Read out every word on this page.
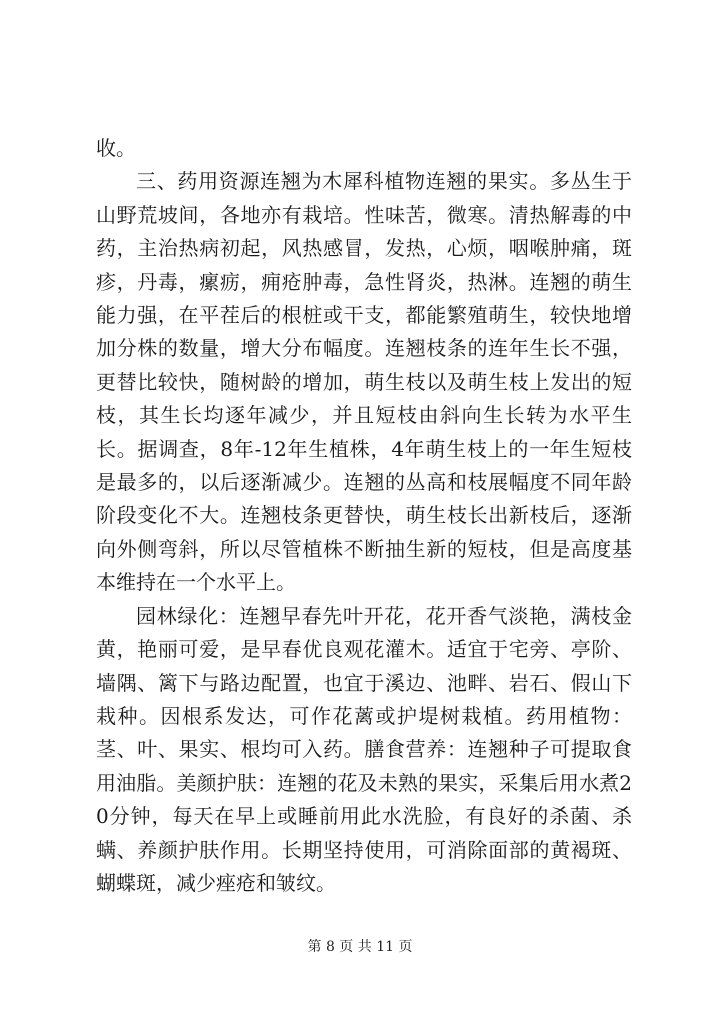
收。

三、药用资源连翘为木犀科植物连翘的果实。多丛生于山野荒坡间，各地亦有栽培。性味苦，微寒。清热解毒的中药，主治热病初起，风热感冒，发热，心烦，咽喉肿痛，斑疹，丹毒，瘰疬，痈疮肿毒，急性肾炎，热淋。连翘的萌生能力强，在平茬后的根桩或干支，都能繁殖萌生，较快地增加分株的数量，增大分布幅度。连翘枝条的连年生长不强，更替比较快，随树龄的增加，萌生枝以及萌生枝上发出的短枝，其生长均逐年减少，并且短枝由斜向生长转为水平生长。据调查，8年-12年生植株，4年萌生枝上的一年生短枝是最多的，以后逐渐减少。连翘的丛高和枝展幅度不同年龄阶段变化不大。连翘枝条更替快，萌生枝长出新枝后，逐渐向外侧弯斜，所以尽管植株不断抽生新的短枝，但是高度基本维持在一个水平上。

园林绿化：连翘早春先叶开花，花开香气淡艳，满枝金黄，艳丽可爱，是早春优良观花灌木。适宜于宅旁、亭阶、墙隅、篱下与路边配置，也宜于溪边、池畔、岩石、假山下栽种。因根系发达，可作花蓠或护堤树栽植。药用植物：茎、叶、果实、根均可入药。膳食营养：连翘种子可提取食用油脂。美颜护肤：连翘的花及未熟的果实，采集后用水煮20分钟，每天在早上或睡前用此水洗脸，有良好的杀菌、杀螨、养颜护肤作用。长期坚持使用，可消除面部的黄褐斑、蝴蝶斑，减少痤疮和皱纹。

第 8 页 共 11 页
